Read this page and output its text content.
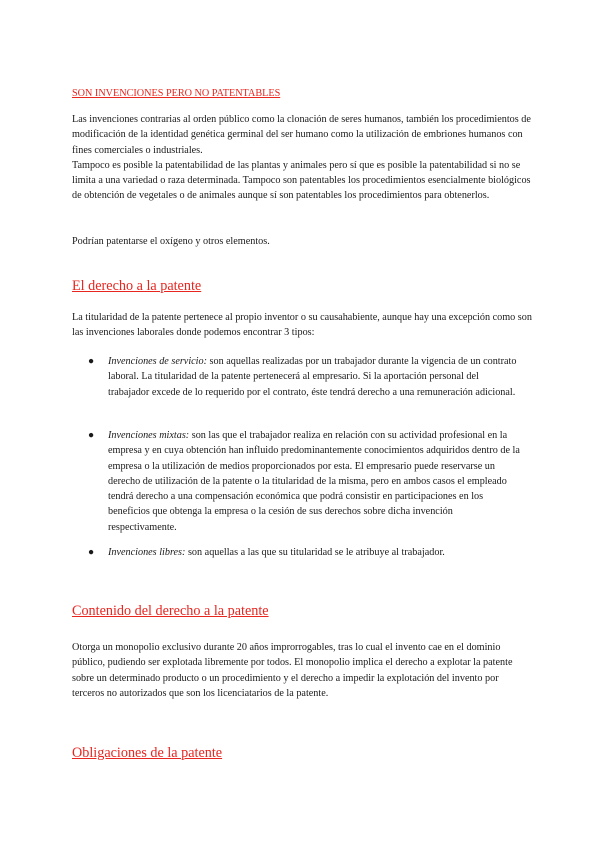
SON INVENCIONES PERO NO PATENTABLES

Las invenciones contrarias al orden público como la clonación de seres humanos, también los procedimientos de modificación de la identidad genética germinal del ser humano como la utilización de embriones humanos con fines comerciales o industriales.

Tampoco es posible la patentabilidad de las plantas y animales pero sí que es posible la patentabilidad si no se limita a una variedad o raza determinada. Tampoco son patentables los procedimientos esencialmente biológicos de obtención de vegetales o de animales aunque sí son patentables los procedimientos para obtenerlos.

Podrían patentarse el oxígeno y otros elementos.

El derecho a la patente

La titularidad de la patente pertenece al propio inventor o su causahabiente, aunque hay una excepción como son las invenciones laborales donde podemos encontrar 3 tipos:

● Invenciones de servicio: son aquellas realizadas por un trabajador durante la vigencia de un contrato laboral. La titularidad de la patente pertenecerá al empresario. Si la aportación personal del trabajador excede de lo requerido por el contrato, éste tendrá derecho a una remuneración adicional.

● Invenciones mixtas: son las que el trabajador realiza en relación con su actividad profesional en la empresa y en cuya obtención han influido predominantemente conocimientos adquiridos dentro de la empresa o la utilización de medios proporcionados por esta. El empresario puede reservarse un derecho de utilización de la patente o la titularidad de la misma, pero en ambos casos el empleado tendrá derecho a una compensación económica que podrá consistir en participaciones en los beneficios que obtenga la empresa o la cesión de sus derechos sobre dicha invención respectivamente.

● Invenciones libres: son aquellas a las que su titularidad se le atribuye al trabajador.

Contenido del derecho a la patente

Otorga un monopolio exclusivo durante 20 años improrrogables, tras lo cual el invento cae en el dominio público, pudiendo ser explotada libremente por todos. El monopolio implica el derecho a explotar la patente sobre un determinado producto o un procedimiento y el derecho a impedir la explotación del invento por terceros no autorizados que son los licenciatarios de la patente.

Obligaciones de la patente
